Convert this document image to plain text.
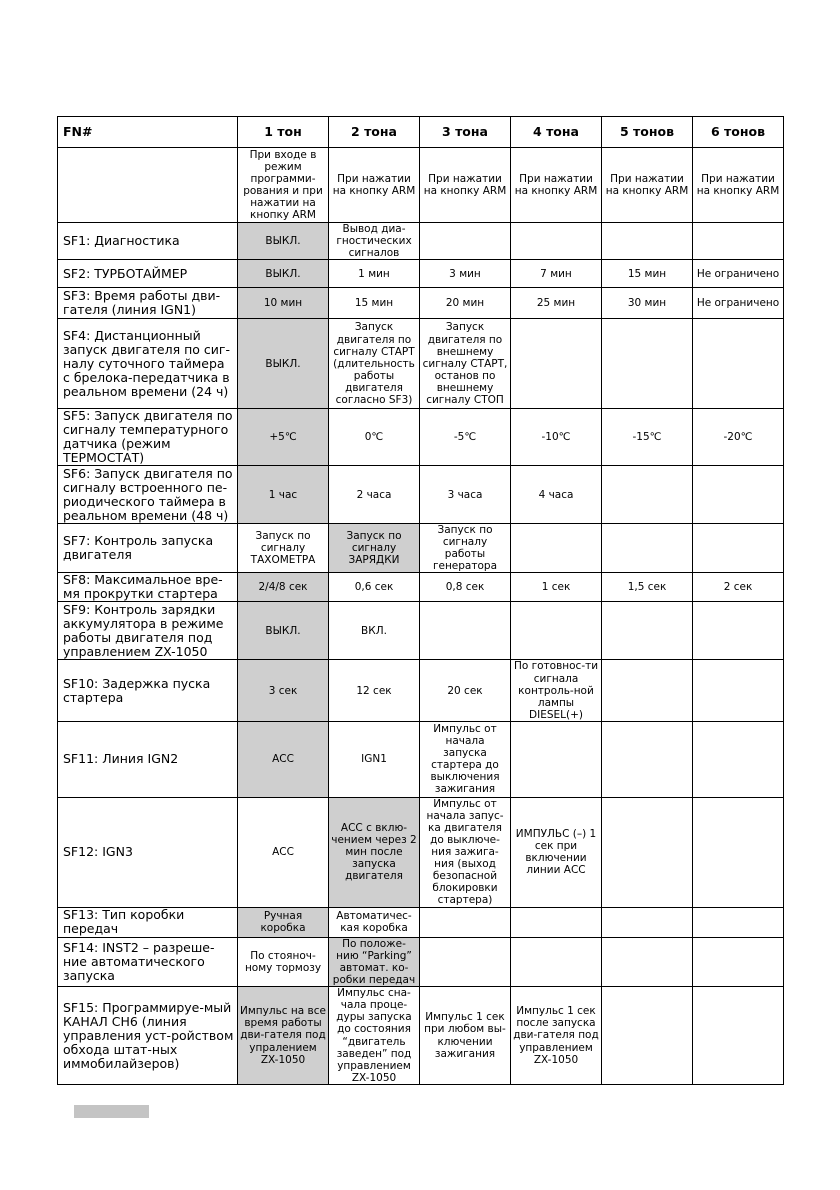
FN#	1 тон	2 тона	3 тона	4 тона	5 тонов	6 тонов
	При входе в режим программи-рования и при нажатии на кнопку ARM	При нажатии на кнопку ARM	При нажатии на кнопку ARM	При нажатии на кнопку ARM	При нажатии на кнопку ARM	При нажатии на кнопку ARM
SF1: Диагностика	ВЫКЛ.	Вывод диа-гностических сигналов				
SF2: ТУРБОТАЙМЕР	ВЫКЛ.	1 мин	3 мин	7 мин	15 мин	Не ограничено
SF3: Время работы дви-гателя (линия IGN1)	10 мин	15 мин	20 мин	25 мин	30 мин	Не ограничено
SF4: Дистанционный запуск двигателя по сиг-налу суточного таймера с брелока-передатчика в реальном времени (24 ч)	ВЫКЛ.	Запуск двигателя по сигналу СТАРТ (длительность работы двигателя согласно SF3)	Запуск двигателя по внешнему сигналу СТАРТ, останов по внешнему сигналу СТОП			
SF5: Запуск двигателя по сигналу температурного датчика (режим ТЕРМОСТАТ)	+5℃	0℃	-5℃	-10℃	-15℃	-20℃
SF6: Запуск двигателя по сигналу встроенного пе-риодического таймера в реальном времени (48 ч)	1 час	2 часа	3 часа	4 часа		
SF7: Контроль запуска двигателя	Запуск по сигналу ТАХОМЕТРА	Запуск по сигналу ЗАРЯДКИ	Запуск по сигналу работы генератора			
SF8: Максимальное вре-мя прокрутки стартера	2/4/8 сек	0,6 сек	0,8 сек	1 сек	1,5 сек	2 сек
SF9: Контроль зарядки аккумулятора в режиме работы двигателя под управлением ZX-1050	ВЫКЛ.	ВКЛ.				
SF10: Задержка пуска стартера	3 сек	12 сек	20 сек	По готовнос-ти сигнала контроль-ной лампы DIESEL(+)		
SF11: Линия IGN2	АСС	IGN1	Импульс от начала запуска стартера до выключения зажигания			
SF12: IGN3	АСС	АСС с вклю-чением через 2 мин после запуска двигателя	Импульс от начала запус-ка двигателя до выключе-ния зажига-ния (выход безопасной блокировки стартера)	ИМПУЛЬС (–) 1 сек при включении линии АСС		
SF13: Тип коробки передач	Ручная коробка	Автоматичес-кая коробка				
SF14: INST2 – разреше-ние автоматического запуска	По стояноч-ному тормозу	По положе-нию “Parking” автомат. ко-робки передач				
SF15: Программируе-мый КАНАЛ CH6 (линия управления уст-ройством обхода штат-ных иммобилайзеров)	Импульс на все время работы дви-гателя под упралением ZX-1050	Импульс сна-чала проце-дуры запуска до состояния “двигатель заведен” под управлением ZX-1050	Импульс 1 сек при любом вы-ключении зажигания	Импульс 1 сек после запуска дви-гателя под управлением ZX-1050		
